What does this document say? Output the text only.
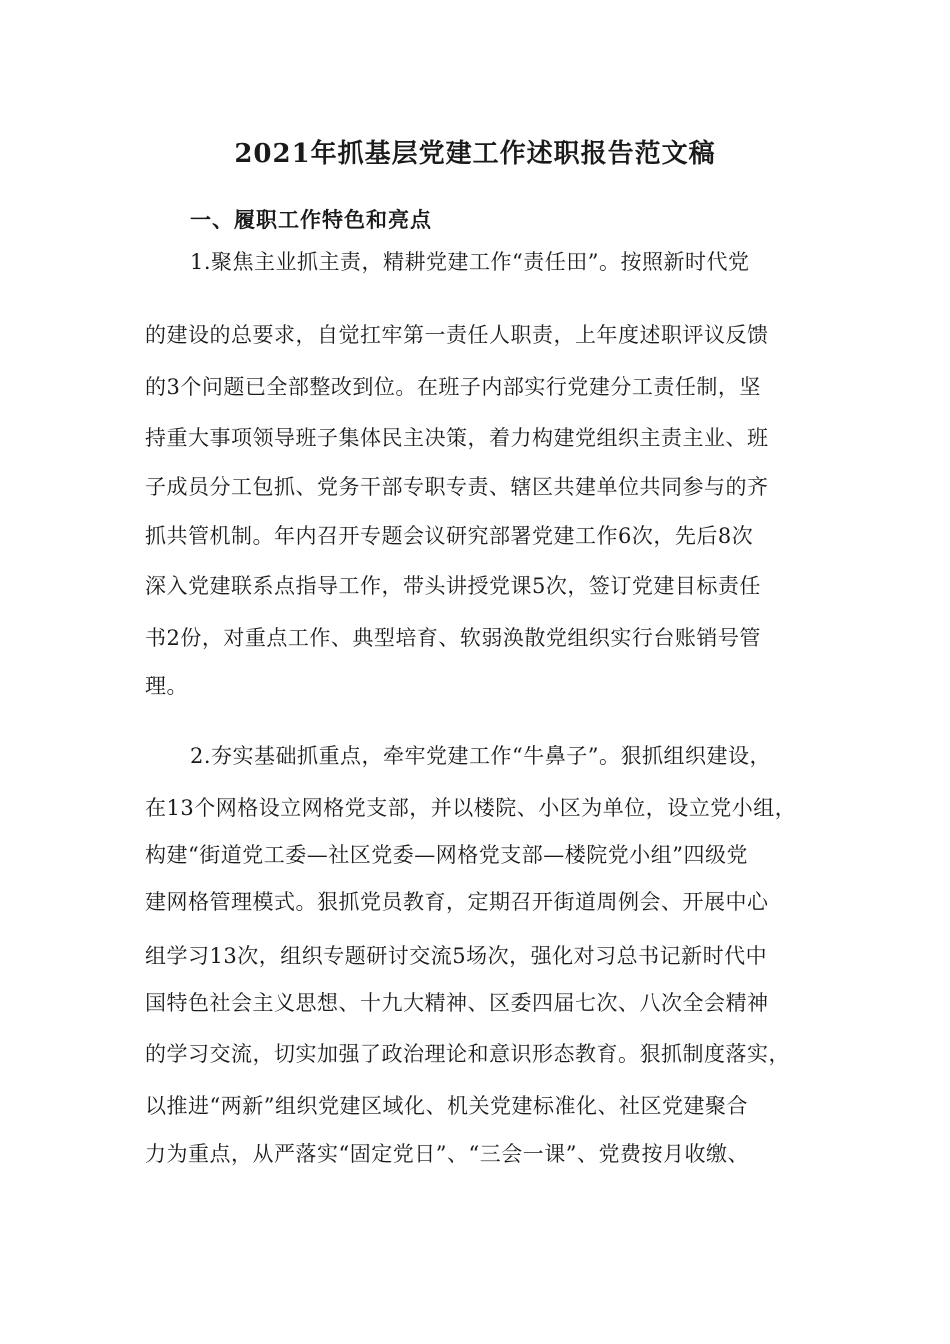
2021年抓基层党建工作述职报告范文稿
一、履职工作特色和亮点
1.聚焦主业抓主责，精耕党建工作“责任田”。按照新时代党
的建设的总要求，自觉扛牢第一责任人职责，上年度述职评议反馈
的3个问题已全部整改到位。在班子内部实行党建分工责任制，坚
持重大事项领导班子集体民主决策，着力构建党组织主责主业、班
子成员分工包抓、党务干部专职专责、辖区共建单位共同参与的齐
抓共管机制。年内召开专题会议研究部署党建工作6次，先后8次
深入党建联系点指导工作，带头讲授党课5次，签订党建目标责任
书2份，对重点工作、典型培育、软弱涣散党组织实行台账销号管
理。
2.夯实基础抓重点，牵牢党建工作“牛鼻子”。狠抓组织建设，
在13个网格设立网格党支部，并以楼院、小区为单位，设立党小组，
构建“街道党工委—社区党委—网格党支部—楼院党小组”四级党
建网格管理模式。狠抓党员教育，定期召开街道周例会、开展中心
组学习13次，组织专题研讨交流5场次，强化对习总书记新时代中
国特色社会主义思想、十九大精神、区委四届七次、八次全会精神
的学习交流，切实加强了政治理论和意识形态教育。狠抓制度落实，
以推进“两新”组织党建区域化、机关党建标准化、社区党建聚合
力为重点，从严落实“固定党日”、“三会一课”、党费按月收缴、
